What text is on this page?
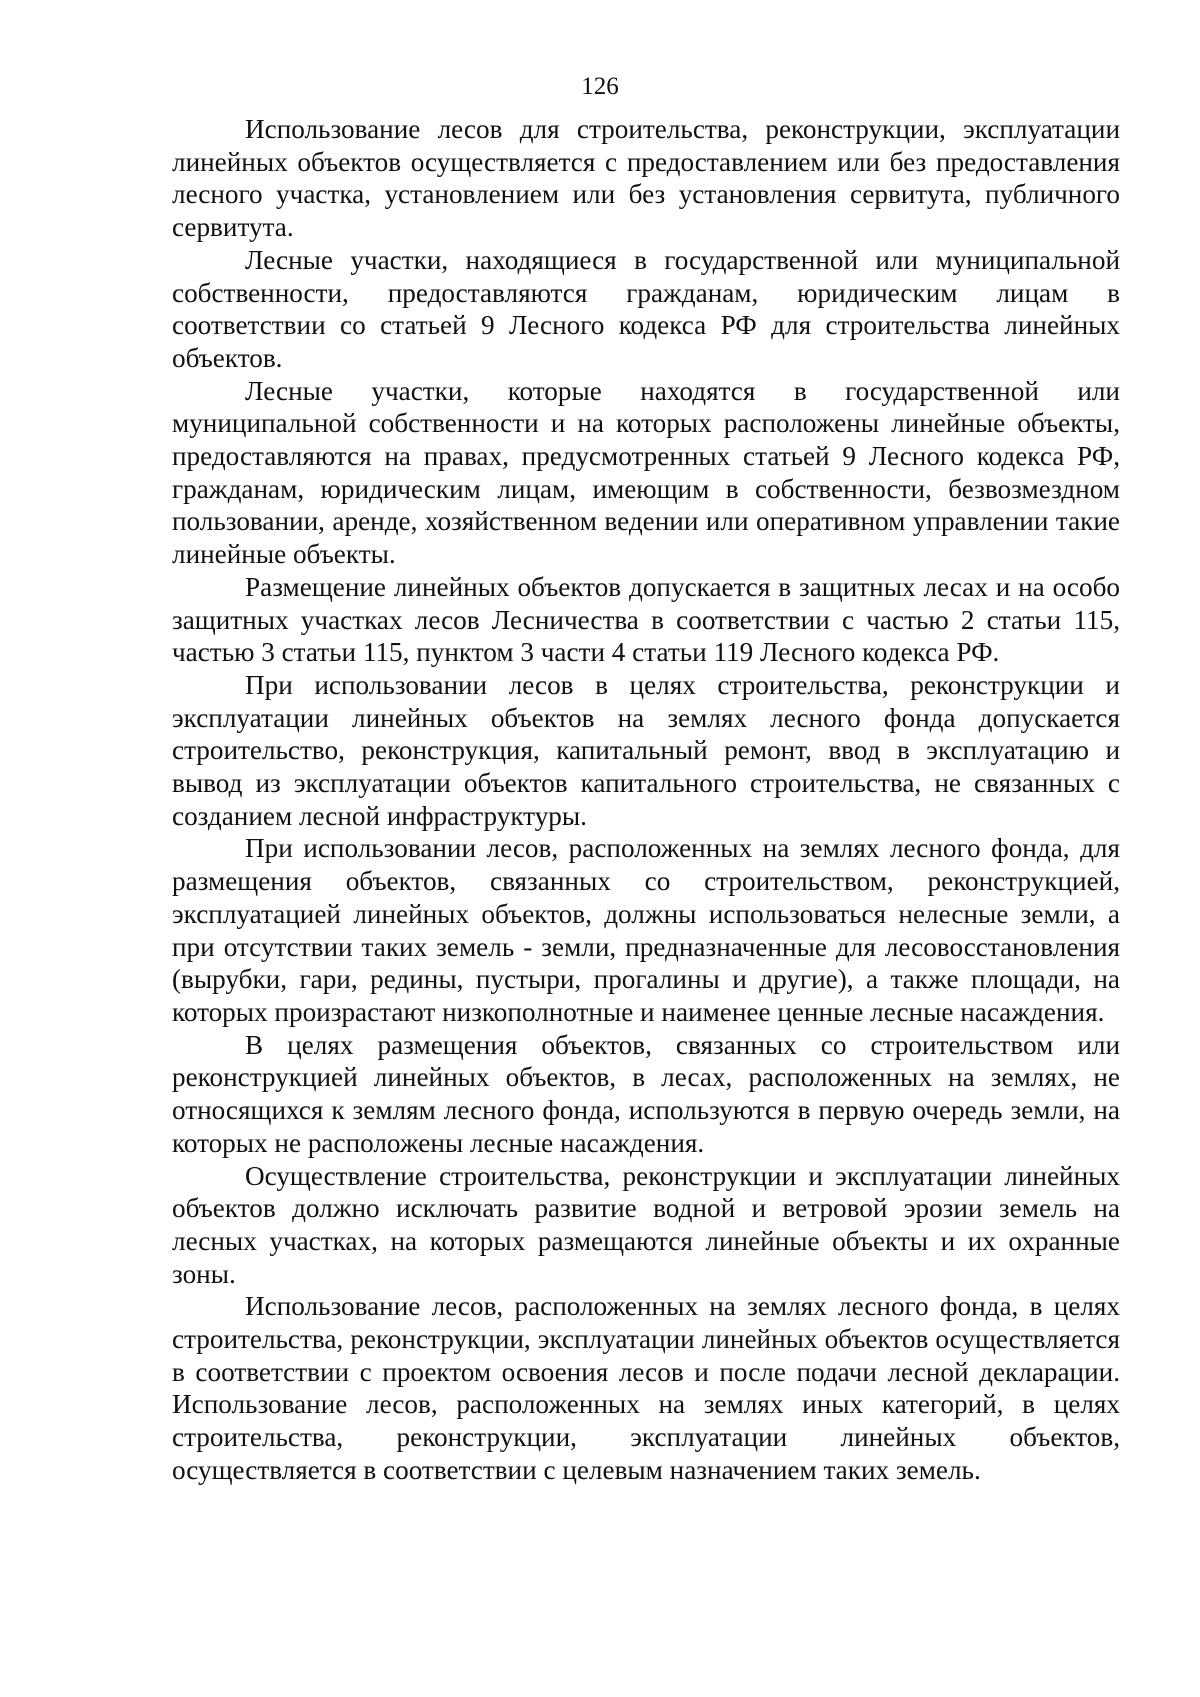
126

Использование лесов для строительства, реконструкции, эксплуатации линейных объектов осуществляется с предоставлением или без предоставления лесного участка, установлением или без установления сервитута, публичного сервитута.

Лесные участки, находящиеся в государственной или муниципальной собственности, предоставляются гражданам, юридическим лицам в соответствии со статьей 9 Лесного кодекса РФ для строительства линейных объектов.

Лесные участки, которые находятся в государственной или муниципальной собственности и на которых расположены линейные объекты, предоставляются на правах, предусмотренных статьей 9 Лесного кодекса РФ, гражданам, юридическим лицам, имеющим в собственности, безвозмездном пользовании, аренде, хозяйственном ведении или оперативном управлении такие линейные объекты.

Размещение линейных объектов допускается в защитных лесах и на особо защитных участках лесов Лесничества в соответствии с частью 2 статьи 115, частью 3 статьи 115, пунктом 3 части 4 статьи 119 Лесного кодекса РФ.

При использовании лесов в целях строительства, реконструкции и эксплуатации линейных объектов на землях лесного фонда допускается строительство, реконструкция, капитальный ремонт, ввод в эксплуатацию и вывод из эксплуатации объектов капитального строительства, не связанных с созданием лесной инфраструктуры.

При использовании лесов, расположенных на землях лесного фонда, для размещения объектов, связанных со строительством, реконструкцией, эксплуатацией линейных объектов, должны использоваться нелесные земли, а при отсутствии таких земель - земли, предназначенные для лесовосстановления (вырубки, гари, редины, пустыри, прогалины и другие), а также площади, на которых произрастают низкополнотные и наименее ценные лесные насаждения.

В целях размещения объектов, связанных со строительством или реконструкцией линейных объектов, в лесах, расположенных на землях, не относящихся к землям лесного фонда, используются в первую очередь земли, на которых не расположены лесные насаждения.

Осуществление строительства, реконструкции и эксплуатации линейных объектов должно исключать развитие водной и ветровой эрозии земель на лесных участках, на которых размещаются линейные объекты и их охранные зоны.

Использование лесов, расположенных на землях лесного фонда, в целях строительства, реконструкции, эксплуатации линейных объектов осуществляется в соответствии с проектом освоения лесов и после подачи лесной декларации. Использование лесов, расположенных на землях иных категорий, в целях строительства, реконструкции, эксплуатации линейных объектов, осуществляется в соответствии с целевым назначением таких земель.
